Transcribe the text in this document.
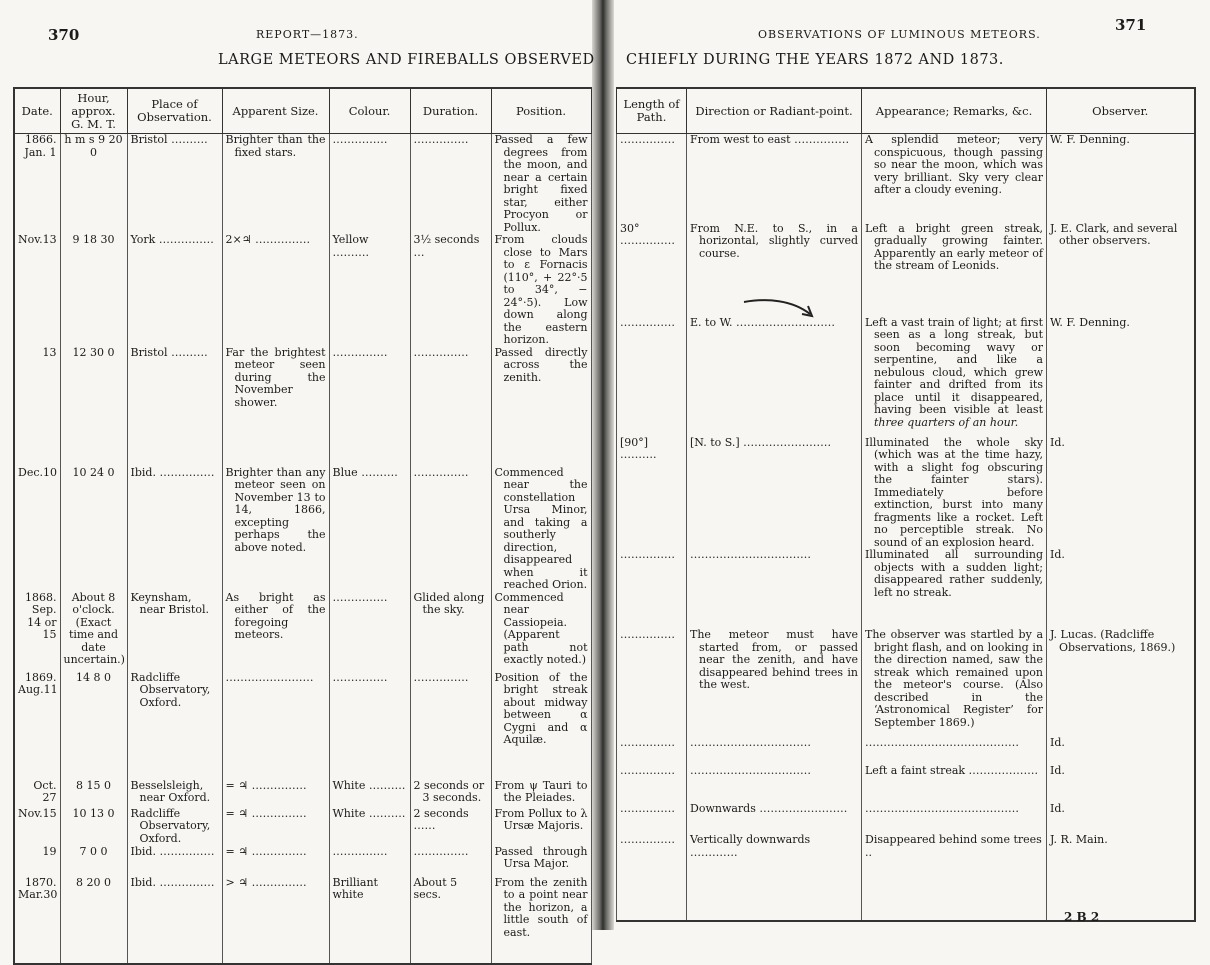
370	REPORT—1873.
LARGE METEORS AND FIREBALLS OBSERVED
Date.	Hour, approx. G. M. T.	Place of Observation.	Apparent Size.	Colour.	Duration.	Position.
1866. Jan. 1	h m s 9 20 0	Bristol ……….	Brighter than the fixed stars.	……………	……………	Passed a few degrees from the moon, and near a certain bright fixed star, either Procyon or Pollux.
Nov.13	9 18 30	York ……………	2×♃ ……………	Yellow ……….	3½ seconds …	From clouds close to Mars to ε Fornacis (110°, + 22°·5 to 34°, − 24°·5). Low down along the eastern horizon.
13	12 30 0	Bristol ……….	Far the brightest meteor seen during the November shower.	……………	……………	Passed directly across the zenith.
Dec.10	10 24 0	Ibid. ……………	Brighter than any meteor seen on November 13 to 14, 1866, excepting perhaps the above noted.	Blue ……….	……………	Commenced near the constellation Ursa Minor, and taking a southerly direction, disappeared when it reached Orion.
1868. Sep. 14 or 15	About 8 o'clock. (Exact time and date uncertain.)	Keynsham, near Bristol.	As bright as either of the foregoing meteors.	……………	Glided along the sky.	Commenced near Cassiopeia. (Apparent path not exactly noted.)
1869. Aug.11	14 8 0	Radcliffe Observatory, Oxford.	……………………	……………	……………	Position of the bright streak about midway between α Cygni and α Aquilæ.
Oct. 27	8 15 0	Besselsleigh, near Oxford.	= ♃ ……………	White ……….	2 seconds or 3 seconds.	From ψ Tauri to the Pleiades.
Nov.15	10 13 0	Radcliffe Observatory, Oxford.	= ♃ ……………	White ……….	2 seconds ……	From Pollux to λ Ursæ Majoris.
19	7 0 0	Ibid. ……………	= ♃ ……………	……………	……………	Passed through Ursa Major.
1870. Mar.30	8 20 0	Ibid. ……………	> ♃ ……………	Brilliant white	About 5 secs.	From the zenith to a point near the horizon, a little south of east.
OBSERVATIONS OF LUMINOUS METEORS.
371
CHIEFLY DURING THE YEARS 1872 AND 1873.
Length of Path.	Direction or Radiant-point.	Appearance; Remarks, &c.	Observer.
……………	From west to east ……………	A splendid meteor; very conspicuous, though passing so near the moon, which was very brilliant. Sky very clear after a cloudy evening.	W. F. Denning.
30° ……………	From N.E. to S., in a horizontal, slightly curved course.	Left a bright green streak, gradually growing fainter. Apparently an early meteor of the stream of Leonids.	J. E. Clark, and several other observers.
……………	E. to W. ………………………	Left a vast train of light; at first seen as a long streak, but soon becoming wavy or serpentine, and like a nebulous cloud, which grew fainter and drifted from its place until it disappeared, having been visible at least three quarters of an hour.	W. F. Denning.
[90°] ……….	[N. to S.] ……………………	Illuminated the whole sky (which was at the time hazy, with a slight fog obscuring the fainter stars). Immediately before extinction, burst into many fragments like a rocket. Left no perceptible streak. No sound of an explosion heard.	Id.
……………	……………………………	Illuminated all surrounding objects with a sudden light; disappeared rather suddenly, left no streak.	Id.
……………	The meteor must have started from, or passed near the zenith, and have disappeared behind trees in the west.	The observer was startled by a bright flash, and on looking in the direction named, saw the streak which remained upon the meteor's course. (Also described in the ‘Astronomical Register’ for September 1869.)	J. Lucas. (Radcliffe Observations, 1869.)
……………	……………………………	……………………………………	Id.
……………	……………………………	Left a faint streak ……………….	Id.
……………	Downwards ……………………	……………………………………	Id.
……………	Vertically downwards ………….	Disappeared behind some trees ..	J. R. Main.
2 B 2
